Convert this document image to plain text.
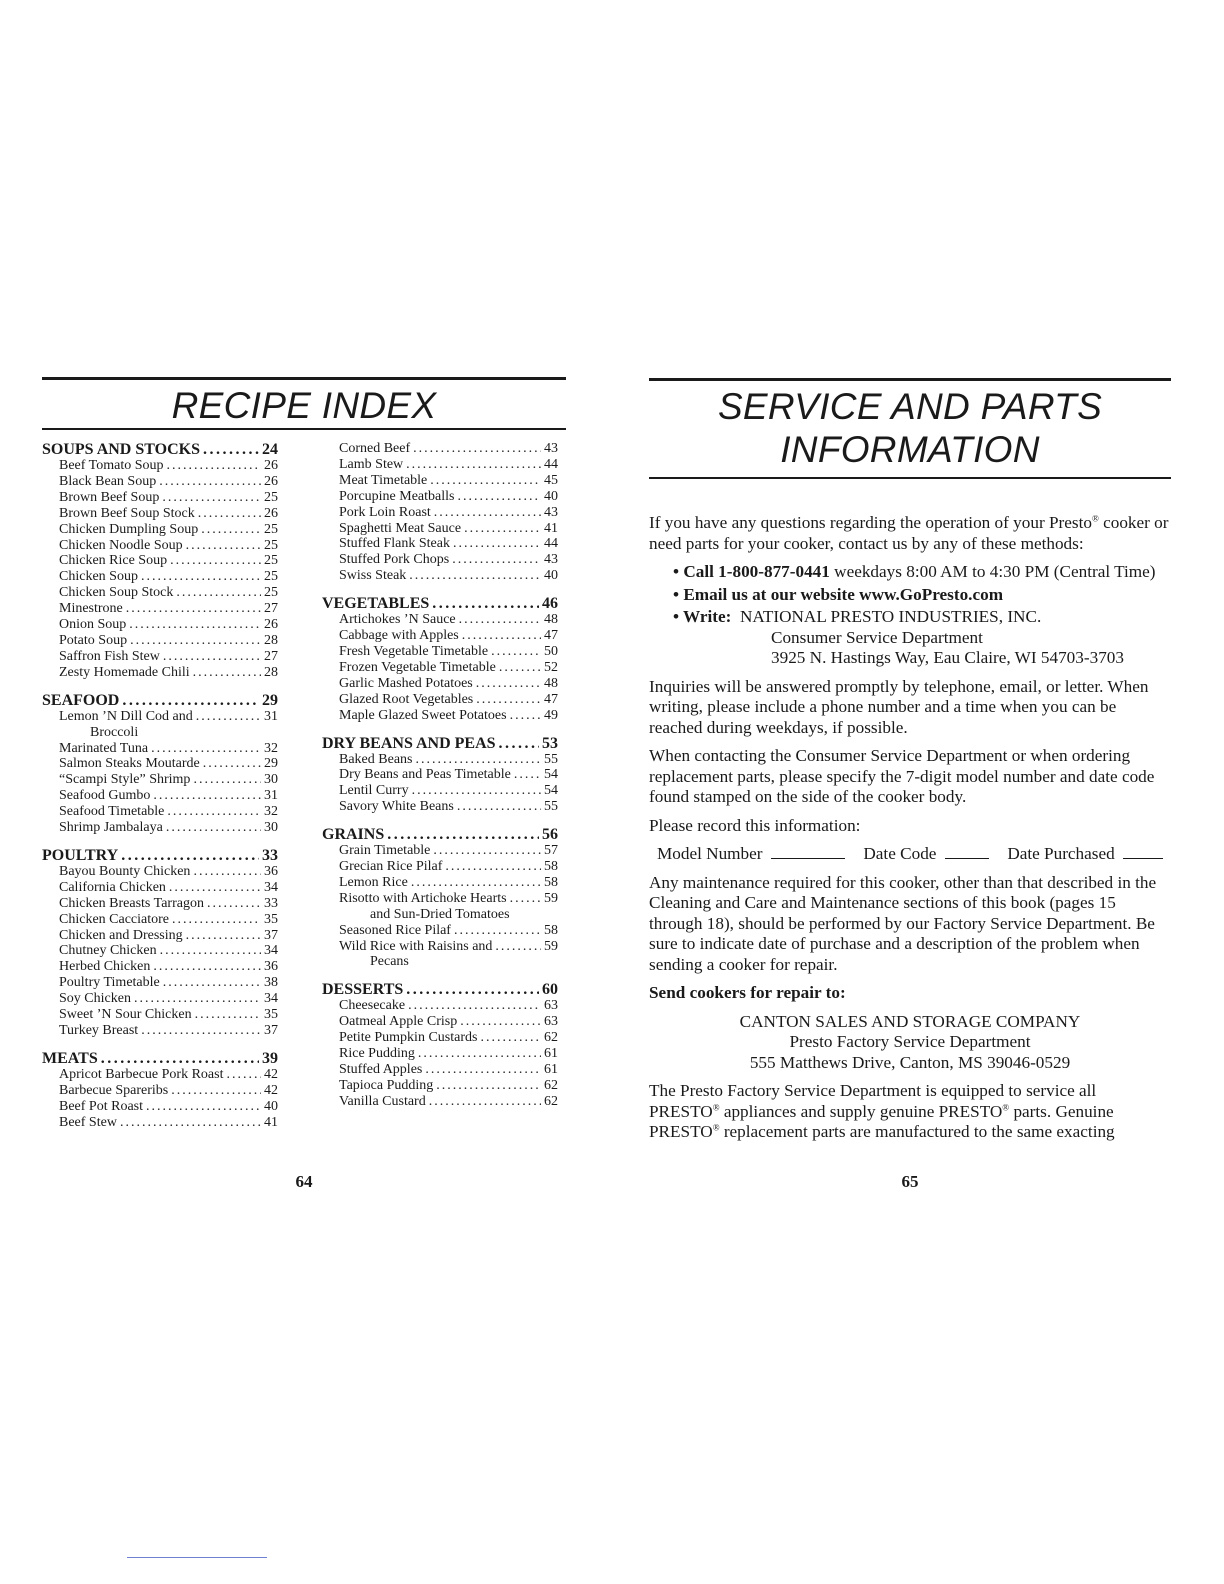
RECIPE INDEX
SOUPS AND STOCKS .....	24
Beef Tomato Soup .....	26
Black Bean Soup .....	26
Brown Beef Soup .....	25
Brown Beef Soup Stock .....	26
Chicken Dumpling Soup .....	25
Chicken Noodle Soup .....	25
Chicken Rice Soup .....	25
Chicken Soup .....	25
Chicken Soup Stock .....	25
Minestrone .....	27
Onion Soup .....	26
Potato Soup .....	28
Saffron Fish Stew .....	27
Zesty Homemade Chili .....	28
SEAFOOD .....	29
Lemon ’N Dill Cod and .....	31
Broccoli
Marinated Tuna .....	32
Salmon Steaks Moutarde .....	29
“Scampi Style” Shrimp .....	30
Seafood Gumbo .....	31
Seafood Timetable .....	32
Shrimp Jambalaya .....	30
POULTRY .....	33
Bayou Bounty Chicken .....	36
California Chicken .....	34
Chicken Breasts Tarragon .....	33
Chicken Cacciatore .....	35
Chicken and Dressing .....	37
Chutney Chicken .....	34
Herbed Chicken .....	36
Poultry Timetable .....	38
Soy Chicken .....	34
Sweet ’N Sour Chicken .....	35
Turkey Breast .....	37
MEATS .....	39
Apricot Barbecue Pork Roast .....	42
Barbecue Spareribs .....	42
Beef Pot Roast .....	40
Beef Stew .....	41
Corned Beef .....	43
Lamb Stew .....	44
Meat Timetable .....	45
Porcupine Meatballs .....	40
Pork Loin Roast .....	43
Spaghetti Meat Sauce .....	41
Stuffed Flank Steak .....	44
Stuffed Pork Chops .....	43
Swiss Steak .....	40
VEGETABLES .....	46
Artichokes ’N Sauce .....	48
Cabbage with Apples .....	47
Fresh Vegetable Timetable .....	50
Frozen Vegetable Timetable .....	52
Garlic Mashed Potatoes .....	48
Glazed Root Vegetables .....	47
Maple Glazed Sweet Potatoes .....	49
DRY BEANS AND PEAS .....	53
Baked Beans .....	55
Dry Beans and Peas Timetable ..... 54
Lentil Curry .....	54
Savory White Beans .....	55
GRAINS .....	56
Grain Timetable .....	57
Grecian Rice Pilaf .....	58
Lemon Rice .....	58
Risotto with Artichoke Hearts .....	59
and Sun-Dried Tomatoes
Seasoned Rice Pilaf .....	58
Wild Rice with Raisins and .....	59
Pecans
DESSERTS .....	60
Cheesecake .....	63
Oatmeal Apple Crisp .....	63
Petite Pumpkin Custards .....	62
Rice Pudding .....	61
Stuffed Apples .....	61
Tapioca Pudding .....	62
Vanilla Custard .....	62
64
SERVICE AND PARTS
INFORMATION

If you have any questions regarding the operation of your Presto® cooker or need parts for your cooker, contact us by any of these methods:

• Call 1-800-877-0441 weekdays 8:00 AM to 4:30 PM (Central Time)
• Email us at our website www.GoPresto.com
• Write: NATIONAL PRESTO INDUSTRIES, INC.
Consumer Service Department
3925 N. Hastings Way, Eau Claire, WI 54703-3703

Inquiries will be answered promptly by telephone, email, or letter. When writing, please include a phone number and a time when you can be reached during weekdays, if possible.

When contacting the Consumer Service Department or when ordering replacement parts, please specify the 7-digit model number and date code found stamped on the side of the cooker body.

Please record this information:

Model Number	Date Code	Date Purchased

Any maintenance required for this cooker, other than that described in the Cleaning and Care and Maintenance sections of this book (pages 15 through 18), should be performed by our Factory Service Department. Be sure to indicate date of purchase and a description of the problem when sending a cooker for repair.

Send cookers for repair to:

CANTON SALES AND STORAGE COMPANY
Presto Factory Service Department
555 Matthews Drive, Canton, MS 39046-0529

The Presto Factory Service Department is equipped to service all PRESTO® appliances and supply genuine PRESTO® parts. Genuine PRESTO® replacement parts are manufactured to the same exacting

65
